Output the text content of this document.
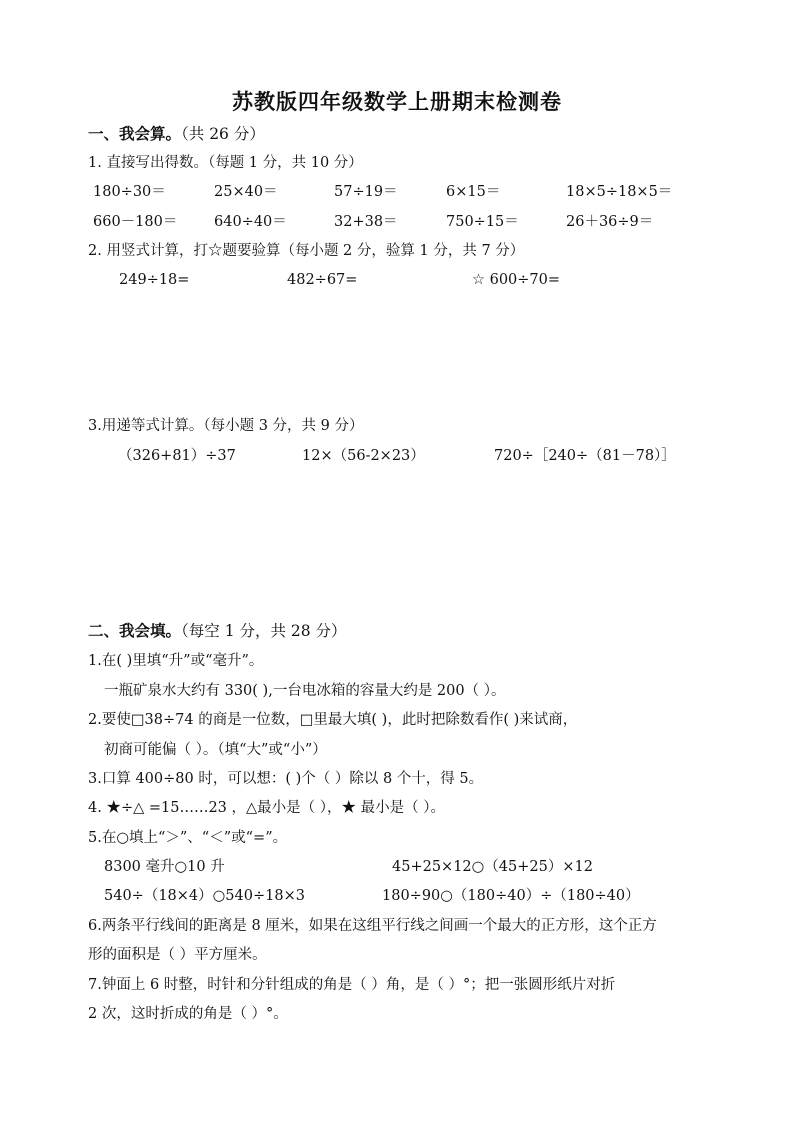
苏教版四年级数学上册期末检测卷
一、我会算。（共 26 分）
1. 直接写出得数。（每题 1 分，共 10 分）
180÷30＝	25×40＝	57÷19＝	6×15＝	18×5÷18×5＝
660－180＝	640÷40＝	32+38＝	750÷15＝	26＋36÷9＝
2. 用竖式计算，打☆题要验算（每小题 2 分，验算 1 分，共 7 分）
249÷18=	482÷67=	☆ 600÷70=
3.用递等式计算。（每小题 3 分，共 9 分）
（326+81）÷37	12×（56-2×23）	720÷［240÷（81－78）］
二、我会填。（每空 1 分，共 28 分）
1.在( )里填“升”或“毫升”。
一瓶矿泉水大约有 330( ),一台电冰箱的容量大约是 200（ ）。
2.要使□38÷74 的商是一位数，□里最大填( )，此时把除数看作( )来试商，
初商可能偏（ ）。（填“大”或“小”）
3.口算 400÷80 时，可以想：( )个（ ）除以 8 个十，得 5。
4. ★÷△ =15……23 ，△最小是（ ），★ 最小是（ ）。
5.在○填上“＞”、“＜”或“=”。
8300 毫升○10 升	45+25×12○（45+25）×12
540÷（18×4）○540÷18×3	180÷90○（180÷40）÷（180÷40）
6.两条平行线间的距离是 8 厘米，如果在这组平行线之间画一个最大的正方形，这个正方
形的面积是（ ）平方厘米。
7.钟面上 6 时整，时针和分针组成的角是（ ）角，是（ ）°；把一张圆形纸片对折
2 次，这时折成的角是（ ）°。
